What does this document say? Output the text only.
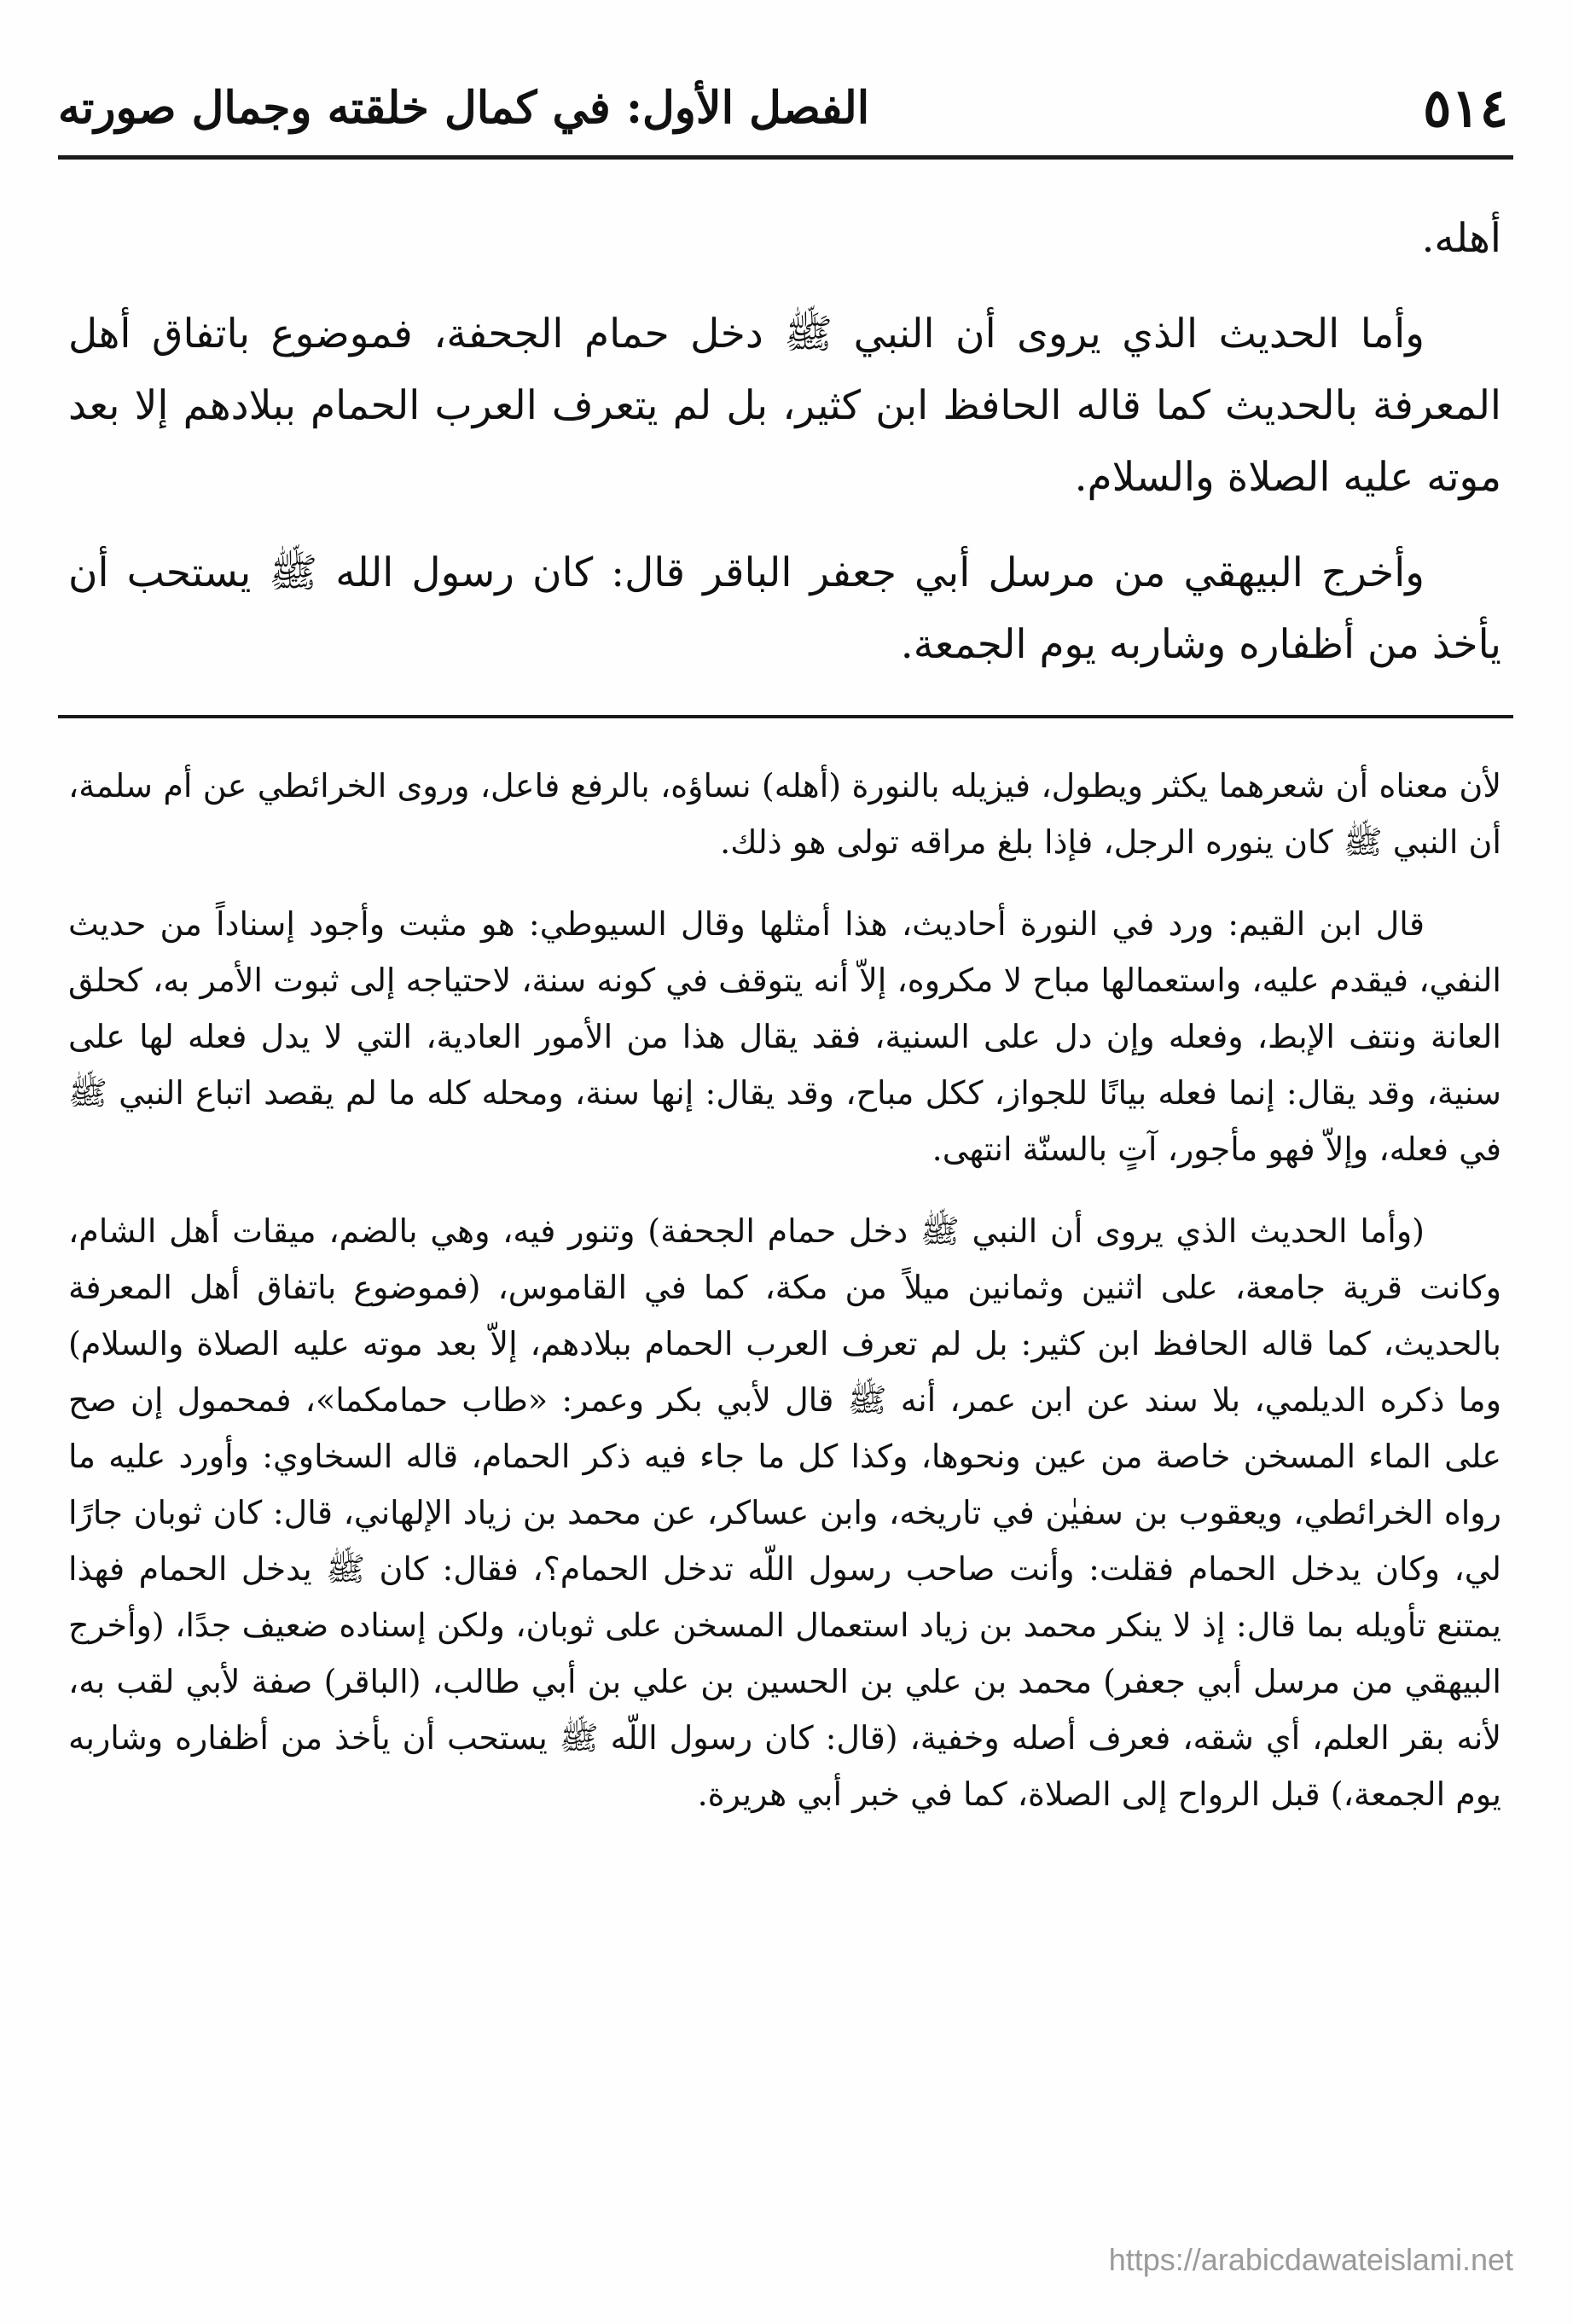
٥١٤
الفصل الأول: في كمال خلقته وجمال صورته

أهله.

وأما الحديث الذي يروى أن النبي ﷺ دخل حمام الجحفة، فموضوع باتفاق أهل المعرفة بالحديث كما قاله الحافظ ابن كثير، بل لم يتعرف العرب الحمام ببلادهم إلا بعد موته عليه الصلاة والسلام.

وأخرج البيهقي من مرسل أبي جعفر الباقر قال: كان رسول الله ﷺ يستحب أن يأخذ من أظفاره وشاربه يوم الجمعة.

لأن معناه أن شعرهما يكثر ويطول، فيزيله بالنورة (أهله) نساؤه، بالرفع فاعل، وروى الخرائطي عن أم سلمة، أن النبي ﷺ كان ينوره الرجل، فإذا بلغ مراقه تولى هو ذلك.

قال ابن القيم: ورد في النورة أحاديث، هذا أمثلها وقال السيوطي: هو مثبت وأجود إسناداً من حديث النفي، فيقدم عليه، واستعمالها مباح لا مكروه، إلاّ أنه يتوقف في كونه سنة، لاحتياجه إلى ثبوت الأمر به، كحلق العانة ونتف الإبط، وفعله وإن دل على السنية، فقد يقال هذا من الأمور العادية، التي لا يدل فعله لها على سنية، وقد يقال: إنما فعله بيانًا للجواز، ككل مباح، وقد يقال: إنها سنة، ومحله كله ما لم يقصد اتباع النبي ﷺ في فعله، وإلاّ فهو مأجور، آتٍ بالسنّة انتهى.

(وأما الحديث الذي يروى أن النبي ﷺ دخل حمام الجحفة) وتنور فيه، وهي بالضم، ميقات أهل الشام، وكانت قرية جامعة، على اثنين وثمانين ميلاً من مكة، كما في القاموس، (فموضوع باتفاق أهل المعرفة بالحديث، كما قاله الحافظ ابن كثير: بل لم تعرف العرب الحمام ببلادهم، إلاّ بعد موته عليه الصلاة والسلام) وما ذكره الديلمي، بلا سند عن ابن عمر، أنه ﷺ قال لأبي بكر وعمر: «طاب حمامكما»، فمحمول إن صح على الماء المسخن خاصة من عين ونحوها، وكذا كل ما جاء فيه ذكر الحمام، قاله السخاوي: وأورد عليه ما رواه الخرائطي، ويعقوب بن سفيٰن في تاريخه، وابن عساكر، عن محمد بن زياد الإلهاني، قال: كان ثوبان جارًا لي، وكان يدخل الحمام فقلت: وأنت صاحب رسول اللّه تدخل الحمام؟، فقال: كان ﷺ يدخل الحمام فهذا يمتنع تأويله بما قال: إذ لا ينكر محمد بن زياد استعمال المسخن على ثوبان، ولكن إسناده ضعيف جدًا، (وأخرج البيهقي من مرسل أبي جعفر) محمد بن علي بن الحسين بن علي بن أبي طالب، (الباقر) صفة لأبي لقب به، لأنه بقر العلم، أي شقه، فعرف أصله وخفية، (قال: كان رسول اللّه ﷺ يستحب أن يأخذ من أظفاره وشاربه يوم الجمعة،) قبل الرواح إلى الصلاة، كما في خبر أبي هريرة.

https://arabicdawateislami.net
